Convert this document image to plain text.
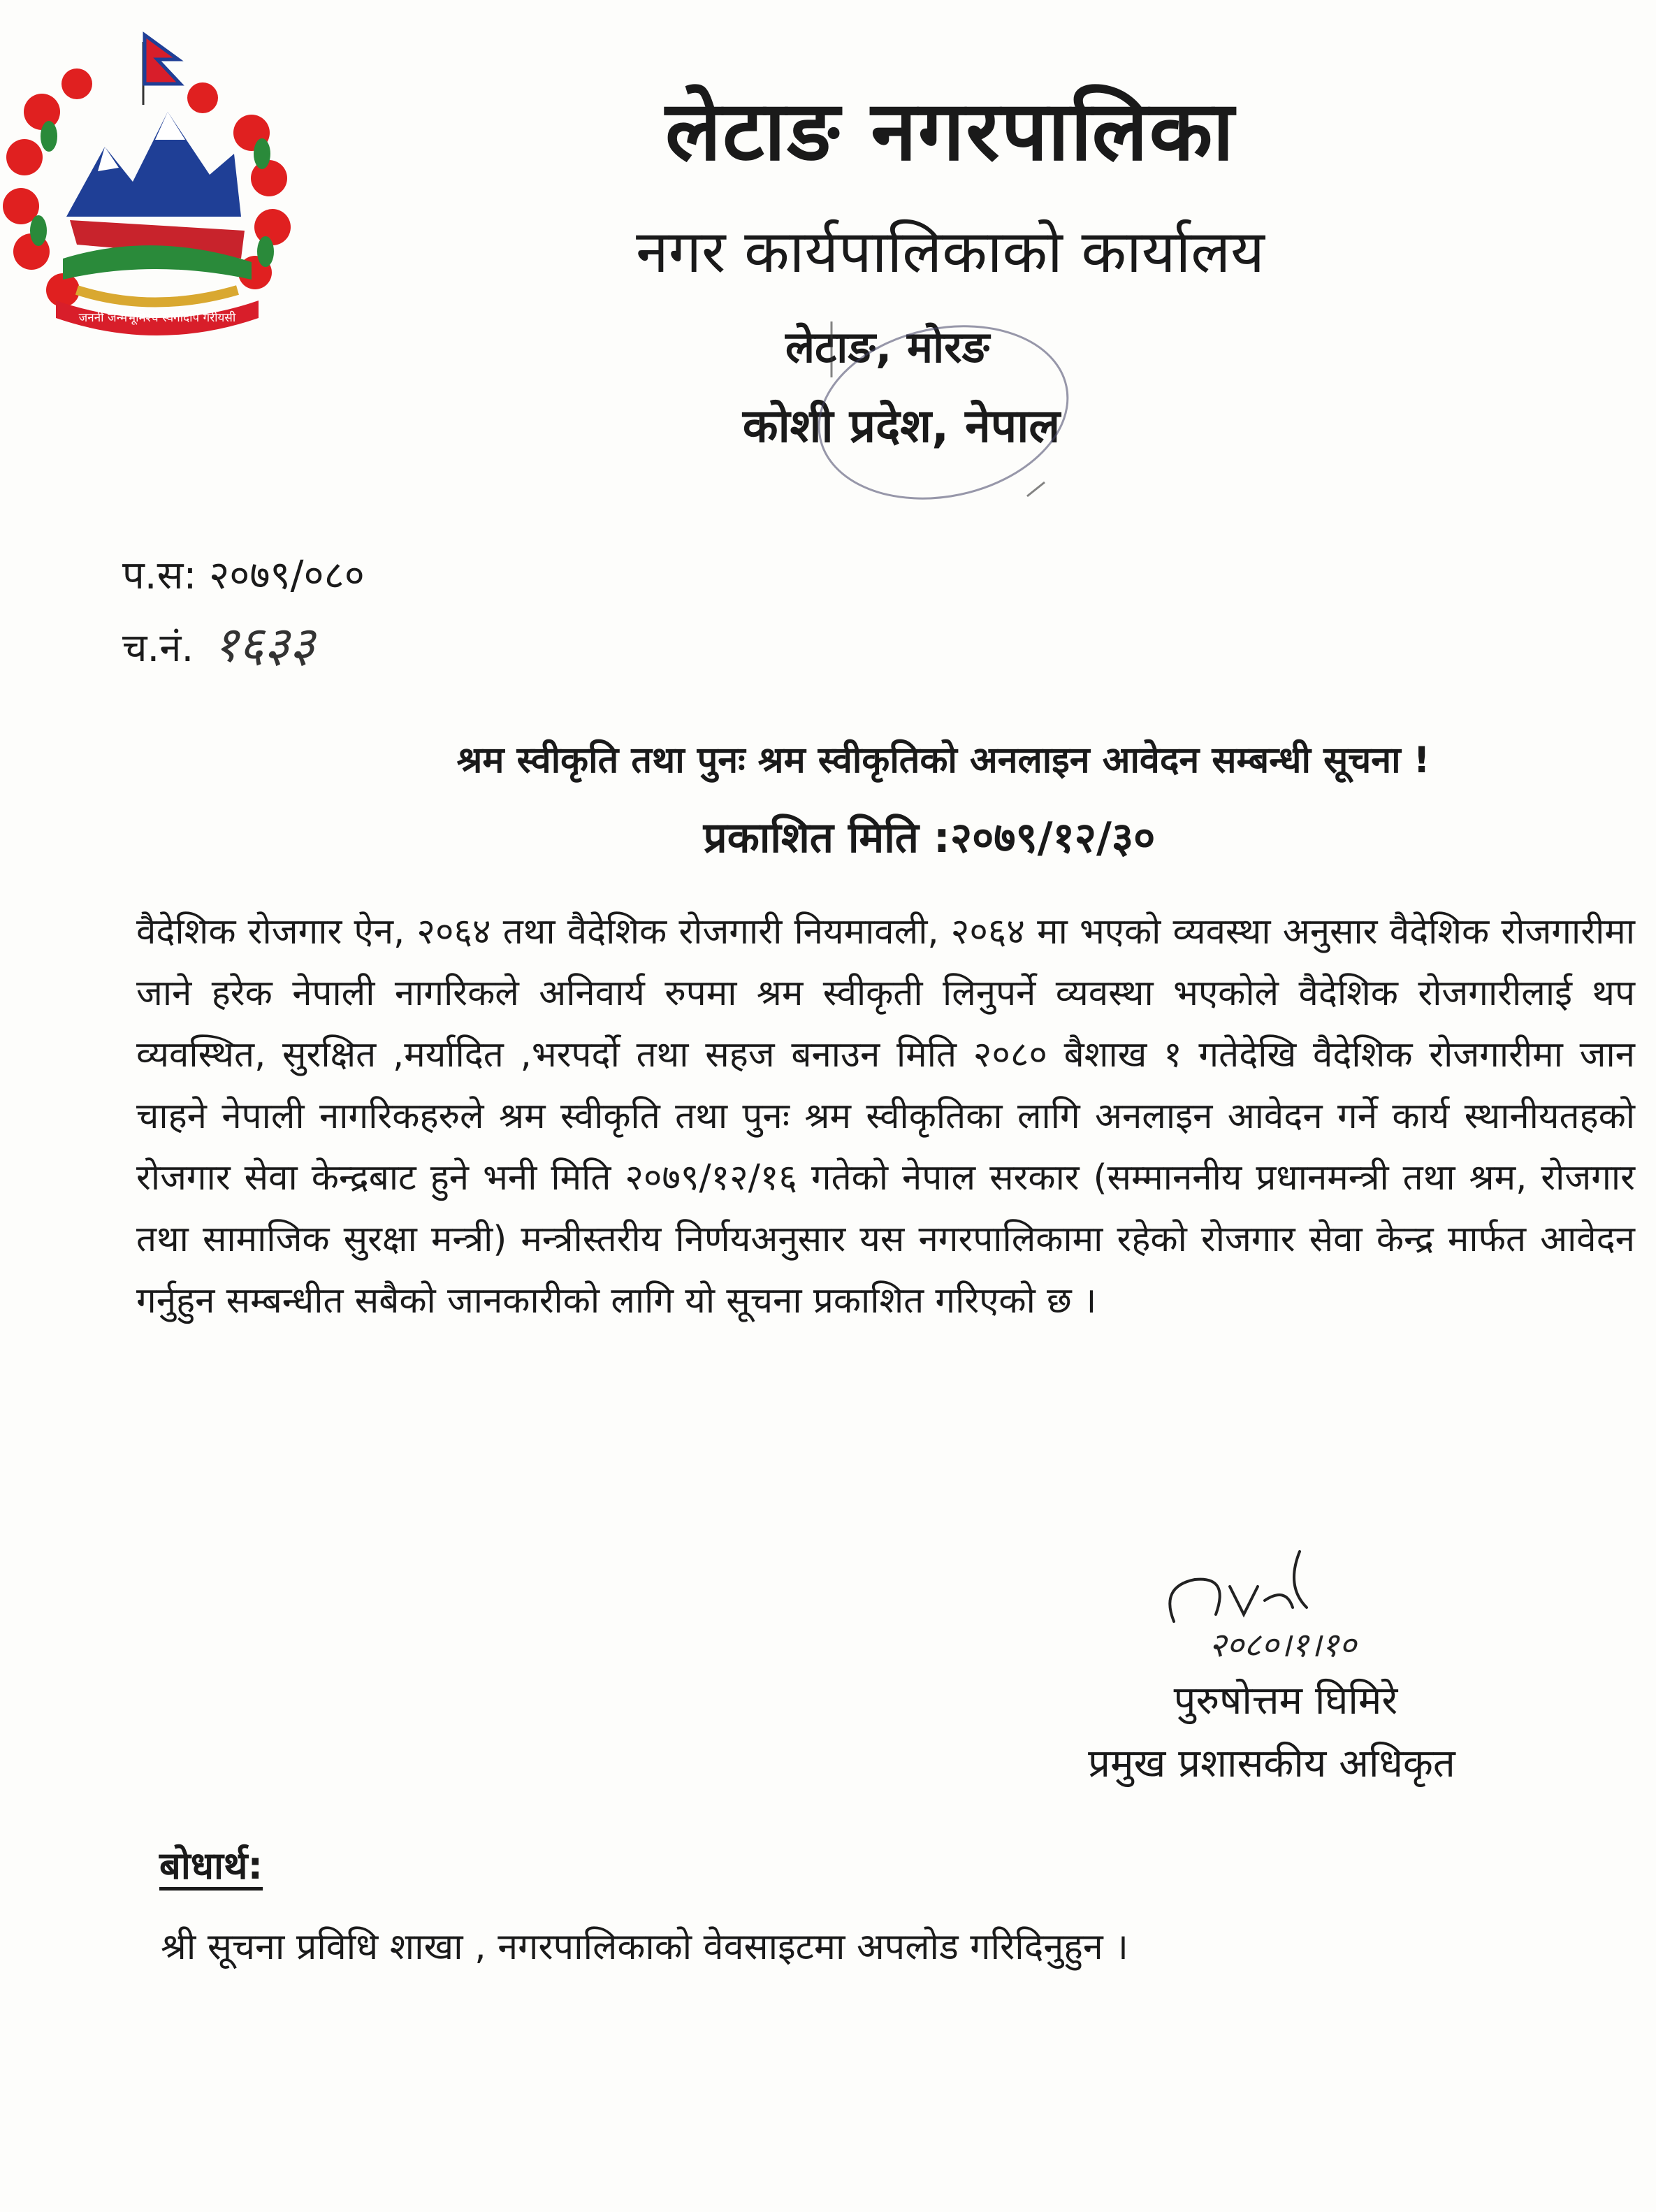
जननी जन्मभूमिश्च स्वर्गादपि गरीयसी
लेटाङ नगरपालिका
नगर कार्यपालिकाको कार्यालय
लेटाङ, मोरङ
कोशी प्रदेश, नेपाल
प.स: २०७९/०८०
च.नं. १६३३
श्रम स्वीकृति तथा पुनः श्रम स्वीकृतिको अनलाइन आवेदन सम्बन्धी सूचना !
प्रकाशित मिति :२०७९/१२/३०
वैदेशिक रोजगार ऐन, २०६४ तथा वैदेशिक रोजगारी नियमावली, २०६४ मा भएको व्यवस्था अनुसार वैदेशिक रोजगारीमा जाने हरेक नेपाली नागरिकले अनिवार्य रुपमा श्रम स्वीकृती लिनुपर्ने व्यवस्था भएकोले वैदेशिक रोजगारीलाई थप व्यवस्थित, सुरक्षित ,मर्यादित ,भरपर्दो तथा सहज बनाउन मिति २०८० बैशाख १ गतेदेखि वैदेशिक रोजगारीमा जान चाहने नेपाली नागरिकहरुले श्रम स्वीकृति तथा पुनः श्रम स्वीकृतिका लागि अनलाइन आवेदन गर्ने कार्य स्थानीयतहको रोजगार सेवा केन्द्रबाट हुने भनी मिति २०७९/१२/१६ गतेको नेपाल सरकार (सम्माननीय प्रधानमन्त्री तथा श्रम, रोजगार तथा सामाजिक सुरक्षा मन्त्री) मन्त्रीस्तरीय निर्णयअनुसार यस नगरपालिकामा रहेको रोजगार सेवा केन्द्र मार्फत आवेदन गर्नुहुन सम्बन्धीत सबैको जानकारीको लागि यो सूचना प्रकाशित गरिएको छ ।
२०८०।१।१०
पुरुषोत्तम घिमिरे
प्रमुख प्रशासकीय अधिकृत
बोधार्थ:
श्री सूचना प्रविधि शाखा , नगरपालिकाको वेवसाइटमा अपलोड गरिदिनुहुन ।
